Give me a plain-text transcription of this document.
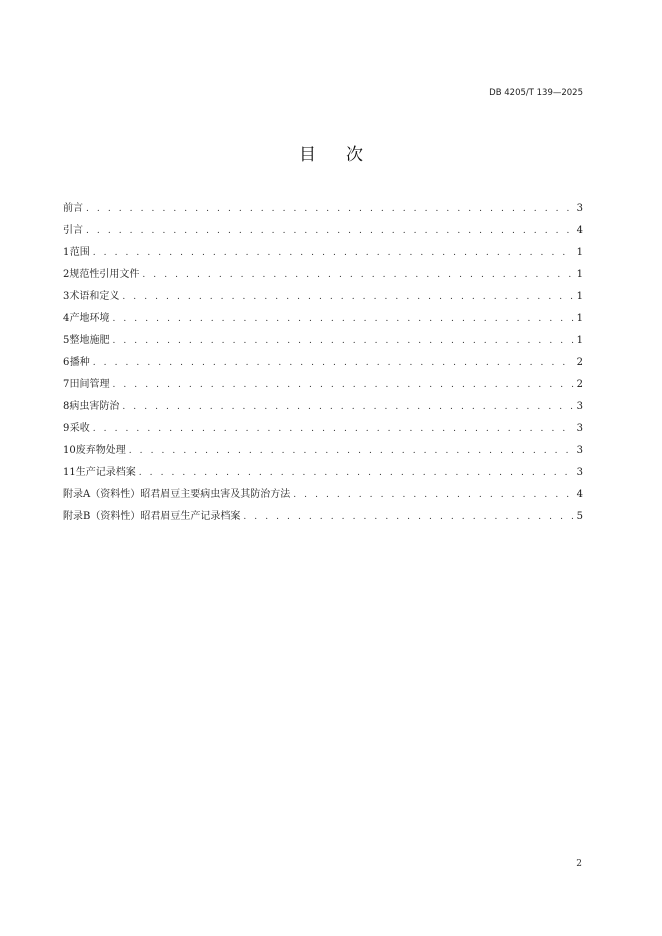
DB 4205/T 139—2025
目次
前言 . . .	3
引言 . . .	4
1 范围 . . .	1
2 规范性引用文件 . . .	1
3 术语和定义 . . .	1
4 产地环境 . . .	1
5 整地施肥 . . .	1
6 播种 . . .	2
7 田间管理 . . .	2
8 病虫害防治 . . .	3
9 采收 . . .	3
10 废弃物处理 . . .	3
11 生产记录档案 . . .	3
附录A（资料性） 昭君眉豆主要病虫害及其防治方法 . . .	4
附录B（资料性） 昭君眉豆生产记录档案 . . .	5
2
